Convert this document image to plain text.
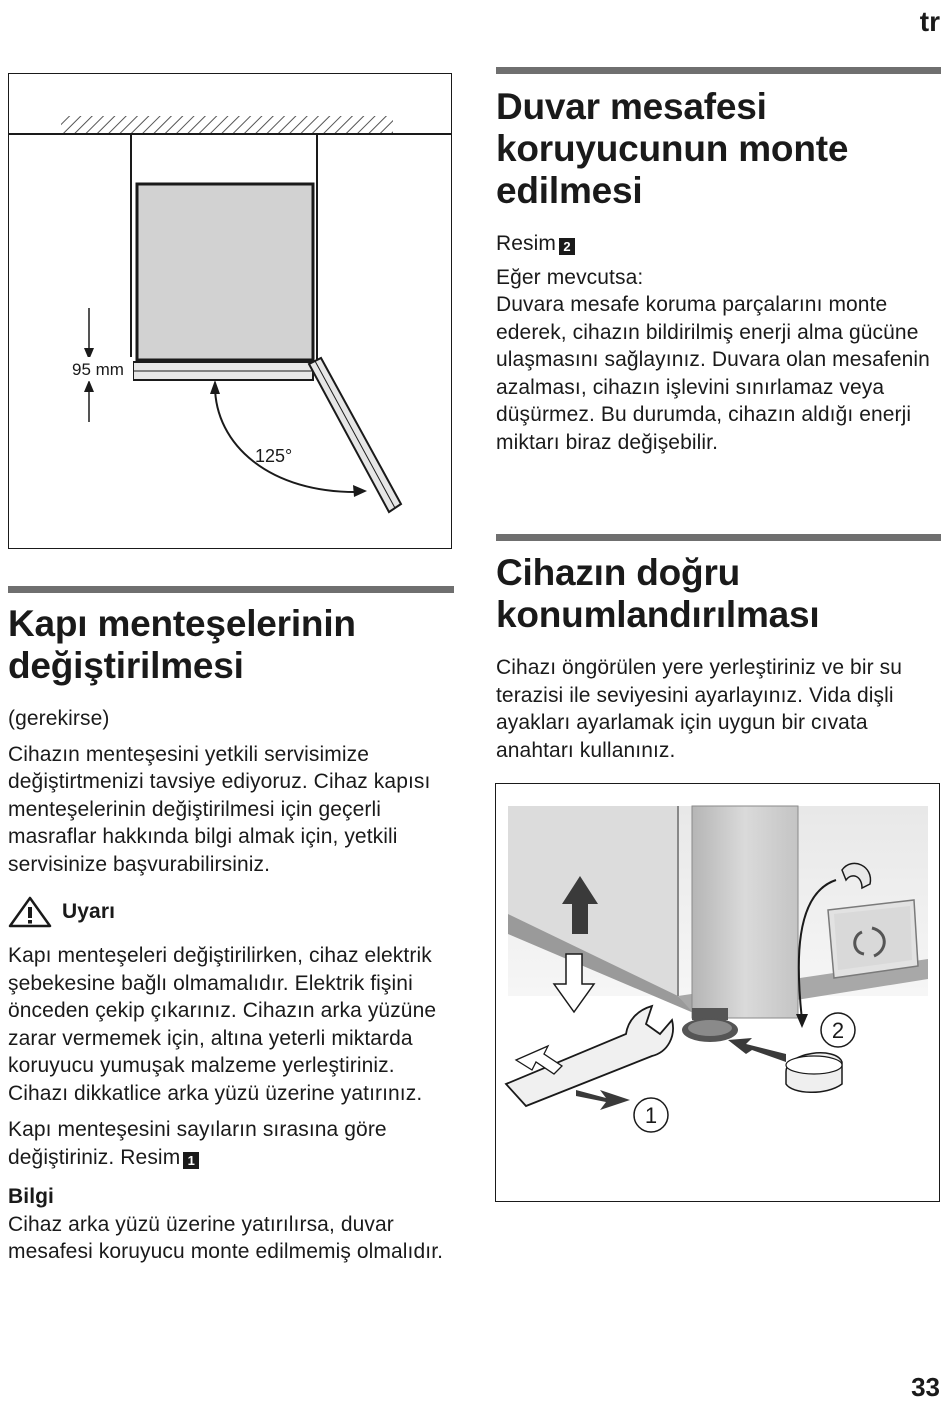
tr
33
95 mm
125°
Duvar mesafesi koruyucunun monte edilmesi

Resim 2

Eğer mevcutsa:

Duvara mesafe koruma parçalarını monte ederek, cihazın bildirilmiş enerji alma gücüne ulaşmasını sağlayınız. Duvara olan mesafenin azalması, cihazın işlevini sınırlamaz veya düşürmez. Bu durumda, cihazın aldığı enerji miktarı biraz değişebilir.

Cihazın doğru konumlandırılması

Cihazı öngörülen yere yerleştiriniz ve bir su terazisi ile seviyesini ayarlayınız. Vida dişli ayakları ayarlamak için uygun bir cıvata anahtarı kullanınız.

1
2
Kapı menteşelerinin değiştirilmesi

(gerekirse)

Cihazın menteşesini yetkili servisimize değiştirtmenizi tavsiye ediyoruz. Cihaz kapısı menteşelerinin değiştirilmesi için geçerli masraflar hakkında bilgi almak için, yetkili servisinize başvurabilirsiniz.

Uyarı

Kapı menteşeleri değiştirilirken, cihaz elektrik şebekesine bağlı olmamalıdır. Elektrik fişini önceden çekip çıkarınız. Cihazın arka yüzüne zarar vermemek için, altına yeterli miktarda koruyucu yumuşak malzeme yerleştiriniz. Cihazı dikkatlice arka yüzü üzerine yatırınız.

Kapı menteşesini sayıların sırasına göre değiştiriniz. Resim 1

Bilgi

Cihaz arka yüzü üzerine yatırılırsa, duvar mesafesi koruyucu monte edilmemiş olmalıdır.
